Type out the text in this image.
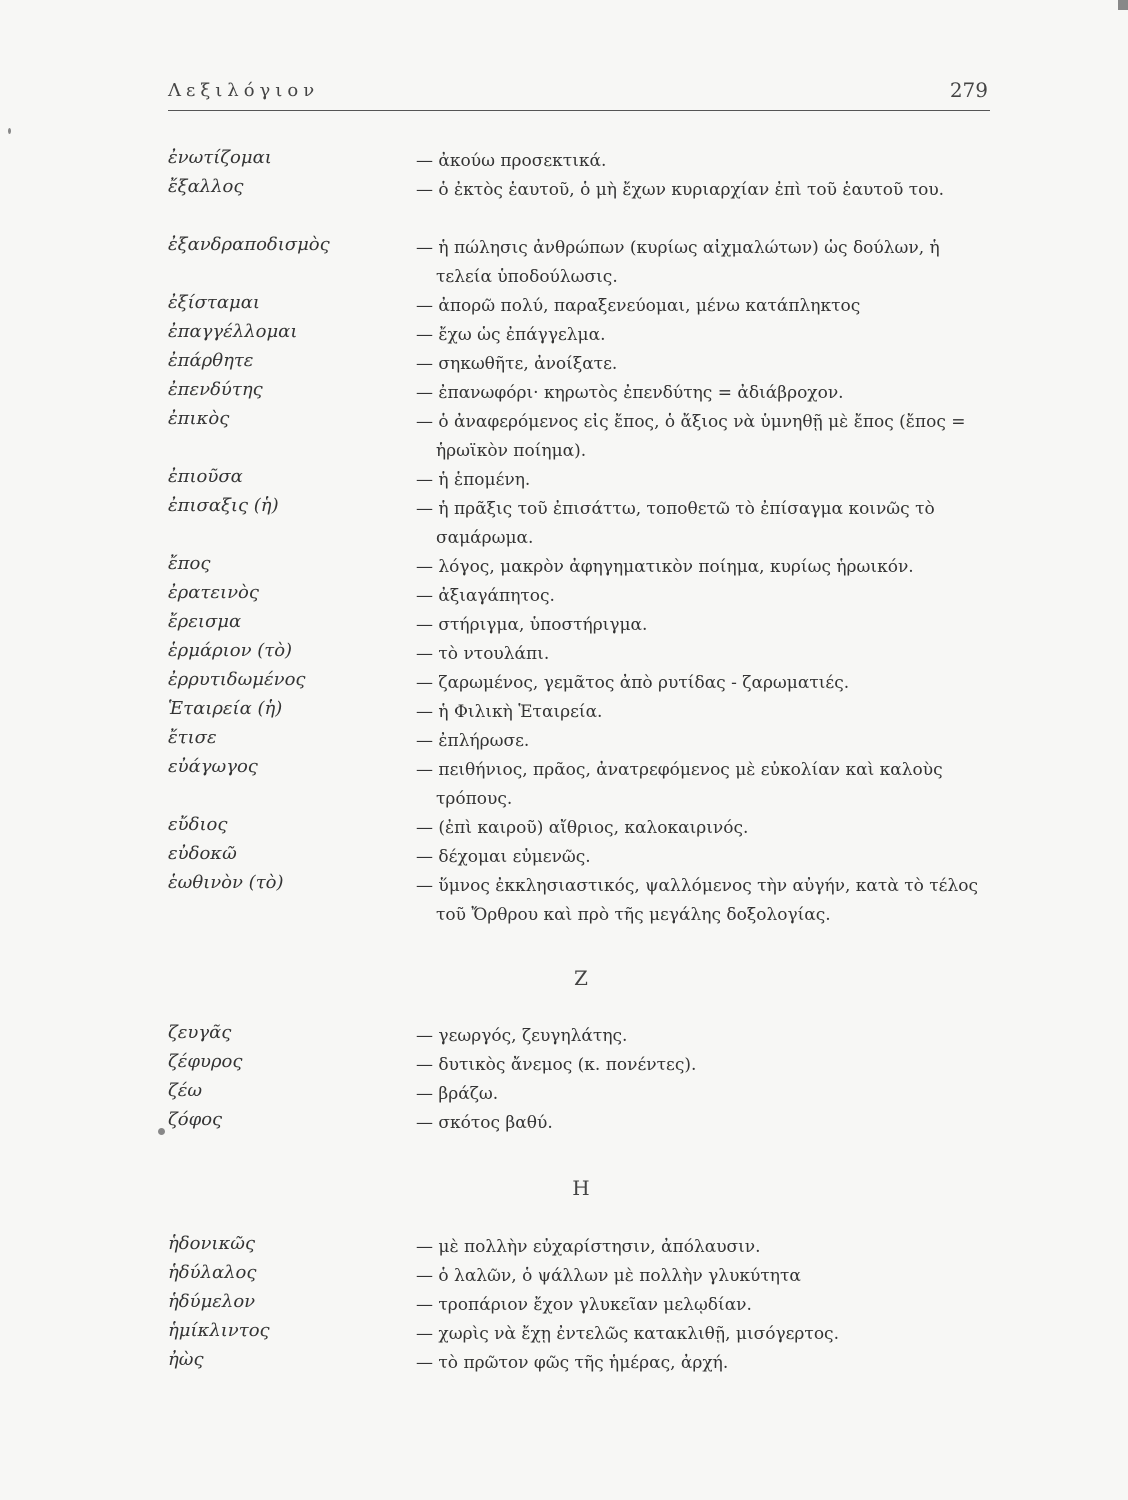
Λεξιλόγιον	279
ἐνωτίζομαι	— ἀκούω προσεκτικά.
ἔξαλλος	— ὁ ἐκτὸς ἑαυτοῦ, ὁ μὴ ἔχων κυριαρχίαν ἐπὶ τοῦ ἑαυτοῦ του.
ἐξανδραποδισμὸς	— ἡ πώλησις ἀνθρώπων (κυρίως αἰχμαλώτων) ὡς δούλων, ἡ τελεία ὑποδούλωσις.
ἐξίσταμαι	— ἀπορῶ πολύ, παραξενεύομαι, μένω κατάπληκτος
ἐπαγγέλλομαι	— ἔχω ὡς ἐπάγγελμα.
ἐπάρθητε	— σηκωθῆτε, ἀνοίξατε.
ἐπενδύτης	— ἐπανωφόρι· κηρωτὸς ἐπενδύτης = ἀδιάβροχον.
ἐπικὸς	— ὁ ἀναφερόμενος εἰς ἔπος, ὁ ἄξιος νὰ ὑμνηθῇ μὲ ἔπος (ἔπος = ἡρωϊκὸν ποίημα).
ἐπιοῦσα	— ἡ ἑπομένη.
ἐπισαξις (ἡ)	— ἡ πρᾶξις τοῦ ἐπισάττω, τοποθετῶ τὸ ἐπίσαγμα κοινῶς τὸ σαμάρωμα.
ἔπος	— λόγος, μακρὸν ἀφηγηματικὸν ποίημα, κυρίως ἡρωικόν.
ἐρατεινὸς	— ἀξιαγάπητος.
ἔρεισμα	— στήριγμα, ὑποστήριγμα.
ἑρμάριον (τὸ)	— τὸ ντουλάπι.
ἐρρυτιδωμένος	— ζαρωμένος, γεμᾶτος ἀπὸ ρυτίδας - ζαρωματιές.
Ἑταιρεία (ἡ)	— ἡ Φιλικὴ Ἑταιρεία.
ἔτισε	— ἐπλήρωσε.
εὐάγωγος	— πειθήνιος, πρᾶος, ἀνατρεφόμενος μὲ εὐκολίαν καὶ καλοὺς τρόπους.
εὔδιος	— (ἐπὶ καιροῦ) αἴθριος, καλοκαιρινός.
εὐδοκῶ	— δέχομαι εὐμενῶς.
ἑωθινὸν (τὸ)	— ὕμνος ἐκκλησιαστικός, ψαλλόμενος τὴν αὐγήν, κατὰ τὸ τέλος τοῦ Ὄρθρου καὶ πρὸ τῆς μεγάλης δοξολογίας.
Ζ
ζευγᾶς	— γεωργός, ζευγηλάτης.
ζέφυρος	— δυτικὸς ἄνεμος (κ. πονέντες).
ζέω	— βράζω.
ζόφος	— σκότος βαθύ.
Η
ἡδονικῶς	— μὲ πολλὴν εὐχαρίστησιν, ἀπόλαυσιν.
ἡδύλαλος	— ὁ λαλῶν, ὁ ψάλλων μὲ πολλὴν γλυκύτητα
ἡδύμελον	— τροπάριον ἔχον γλυκεῖαν μελῳδίαν.
ἡμίκλιντος	— χωρὶς νὰ ἔχῃ ἐντελῶς κατακλιθῇ, μισόγερτος.
ἠὼς	— τὸ πρῶτον φῶς τῆς ἡμέρας, ἀρχή.
